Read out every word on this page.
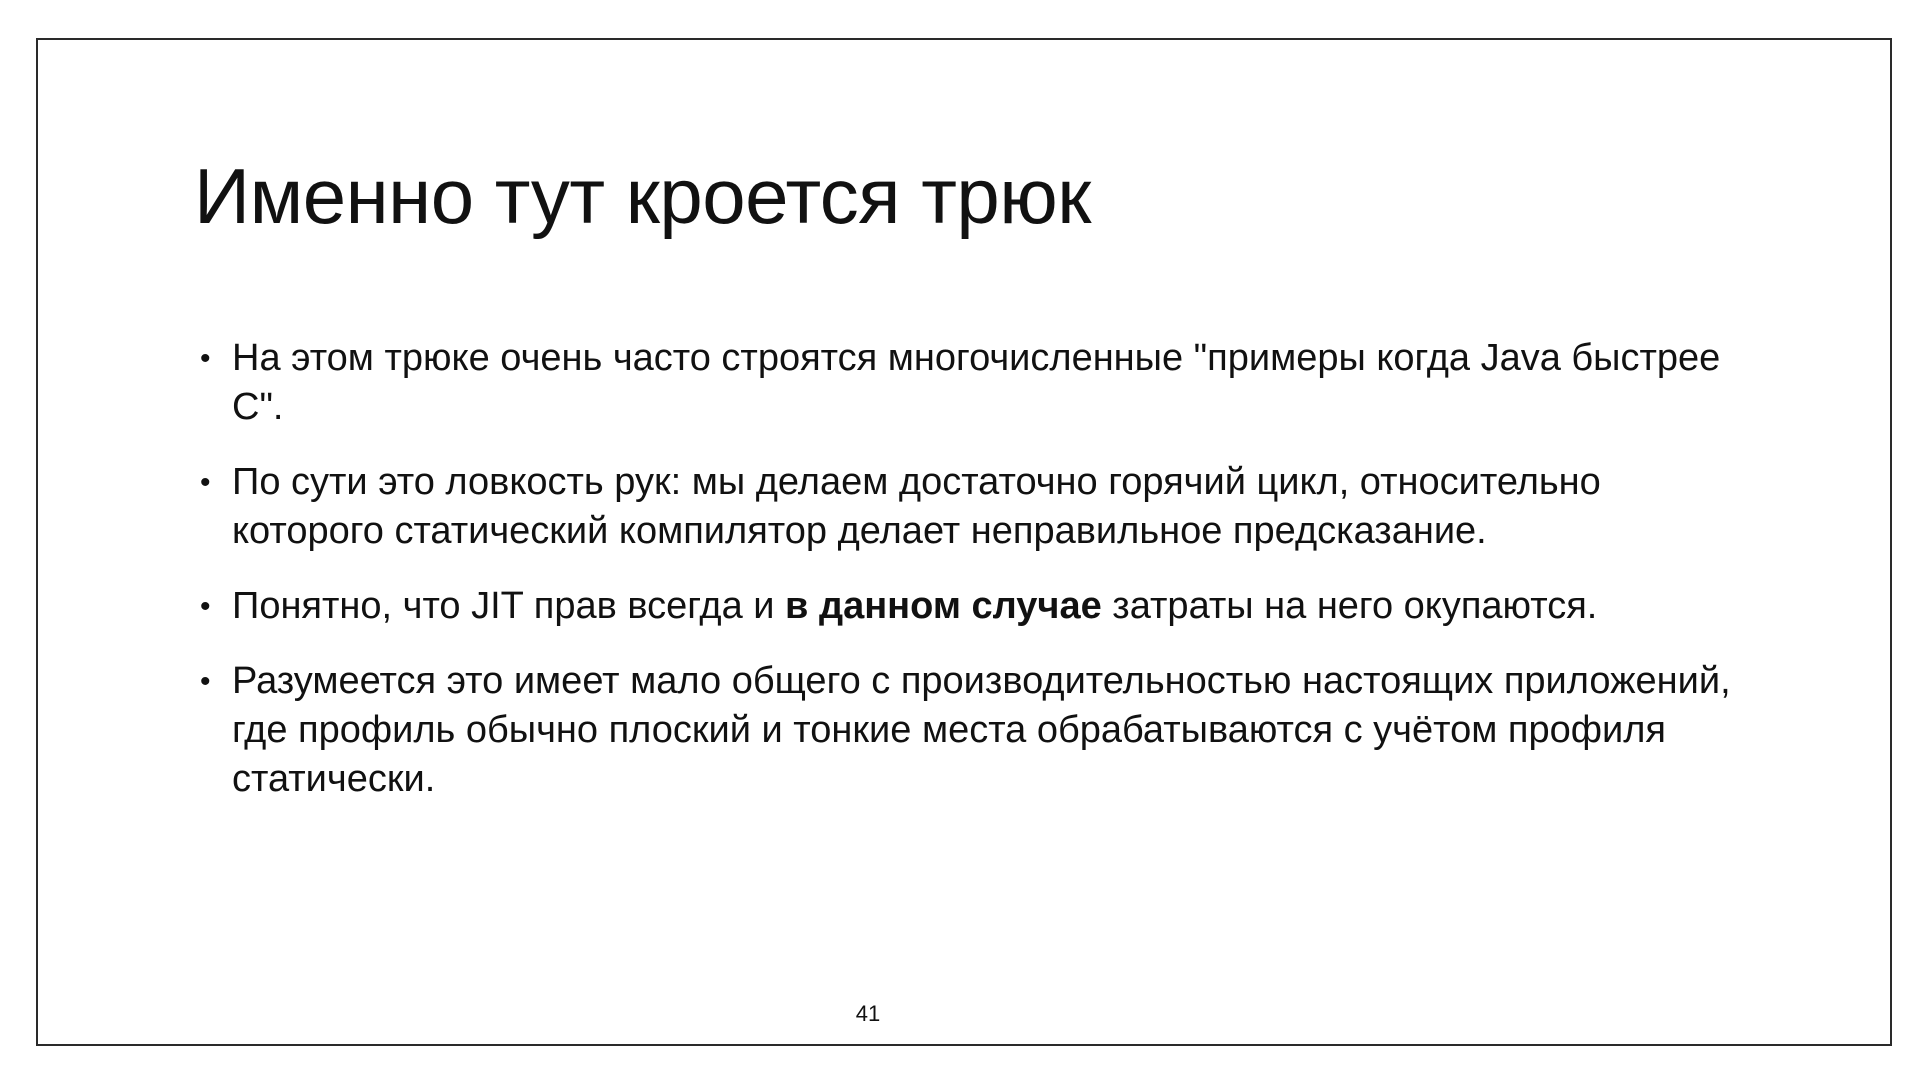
Именно тут кроется трюк
• На этом трюке очень часто строятся многочисленные "примеры когда Java быстрее С".
• По сути это ловкость рук: мы делаем достаточно горячий цикл, относительно которого статический компилятор делает неправильное предсказание.
• Понятно, что JIT прав всегда и в данном случае затраты на него окупаются.
• Разумеется это имеет мало общего с производительностью настоящих приложений, где профиль обычно плоский и тонкие места обрабатываются с учётом профиля статически.
41
